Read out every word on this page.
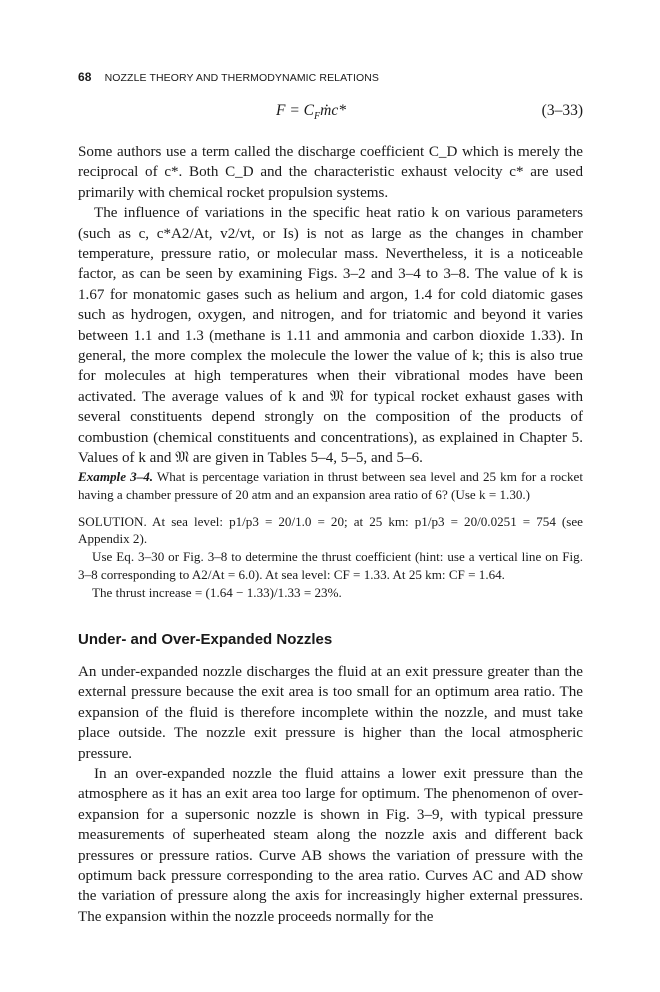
68 NOZZLE THEORY AND THERMODYNAMIC RELATIONS
$F = C_Fṁc*$	(3–33)

Some authors use a term called the discharge coefficient C_D which is merely the reciprocal of c*. Both C_D and the characteristic exhaust velocity c* are used primarily with chemical rocket propulsion systems.

The influence of variations in the specific heat ratio k on various parameters (such as c, c*A2/At, v2/vt, or Is) is not as large as the changes in chamber temperature, pressure ratio, or molecular mass. Nevertheless, it is a noticeable factor, as can be seen by examining Figs. 3–2 and 3–4 to 3–8. The value of k is 1.67 for monatomic gases such as helium and argon, 1.4 for cold diatomic gases such as hydrogen, oxygen, and nitrogen, and for triatomic and beyond it varies between 1.1 and 1.3 (methane is 1.11 and ammonia and carbon dioxide 1.33). In general, the more complex the molecule the lower the value of k; this is also true for molecules at high temperatures when their vibrational modes have been activated. The average values of k and 𝔐 for typical rocket exhaust gases with several constituents depend strongly on the composition of the products of combustion (chemical constituents and concentrations), as explained in Chapter 5. Values of k and 𝔐 are given in Tables 5–4, 5–5, and 5–6.

Example 3–4. What is percentage variation in thrust between sea level and 25 km for a rocket having a chamber pressure of 20 atm and an expansion area ratio of 6? (Use k = 1.30.)

SOLUTION. At sea level: p1/p3 = 20/1.0 = 20; at 25 km: p1/p3 = 20/0.0251 = 754 (see Appendix 2).

Use Eq. 3–30 or Fig. 3–8 to determine the thrust coefficient (hint: use a vertical line on Fig. 3–8 corresponding to A2/At = 6.0). At sea level: CF = 1.33. At 25 km: CF = 1.64.

The thrust increase = (1.64 − 1.33)/1.33 = 23%.

Under- and Over-Expanded Nozzles

An under-expanded nozzle discharges the fluid at an exit pressure greater than the external pressure because the exit area is too small for an optimum area ratio. The expansion of the fluid is therefore incomplete within the nozzle, and must take place outside. The nozzle exit pressure is higher than the local atmospheric pressure.

In an over-expanded nozzle the fluid attains a lower exit pressure than the atmosphere as it has an exit area too large for optimum. The phenomenon of over-expansion for a supersonic nozzle is shown in Fig. 3–9, with typical pressure measurements of superheated steam along the nozzle axis and different back pressures or pressure ratios. Curve AB shows the variation of pressure with the optimum back pressure corresponding to the area ratio. Curves AC and AD show the variation of pressure along the axis for increasingly higher external pressures. The expansion within the nozzle proceeds normally for the
